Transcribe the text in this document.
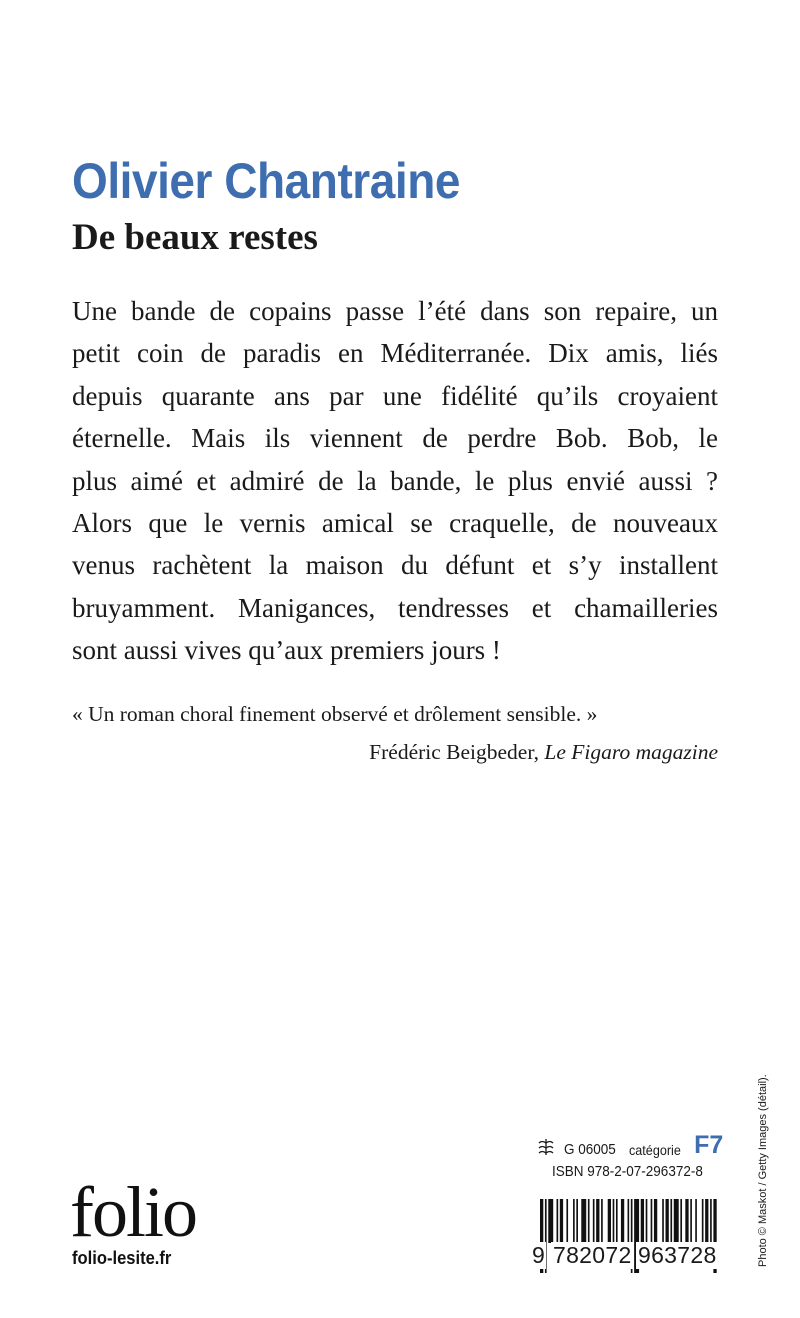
Olivier Chantraine
De beaux restes
Une bande de copains passe l’été dans son repaire, un
petit coin de paradis en Méditerranée. Dix amis, liés
depuis quarante ans par une fidélité qu’ils croyaient
éternelle. Mais ils viennent de perdre Bob. Bob, le
plus aimé et admiré de la bande, le plus envié aussi ?
Alors que le vernis amical se craquelle, de nouveaux
venus rachètent la maison du défunt et s’y installent
bruyamment. Manigances, tendresses et chamailleries
sont aussi vives qu’aux premiers jours !

« Un roman choral finement observé et drôlement sensible. »

Frédéric Beigbeder, Le Figaro magazine

G 06005 catégorie F7
ISBN 978-2-07-296372-8
9 782072 963728
folio
folio-lesite.fr	Photo © Maskot / Getty Images (détail).
